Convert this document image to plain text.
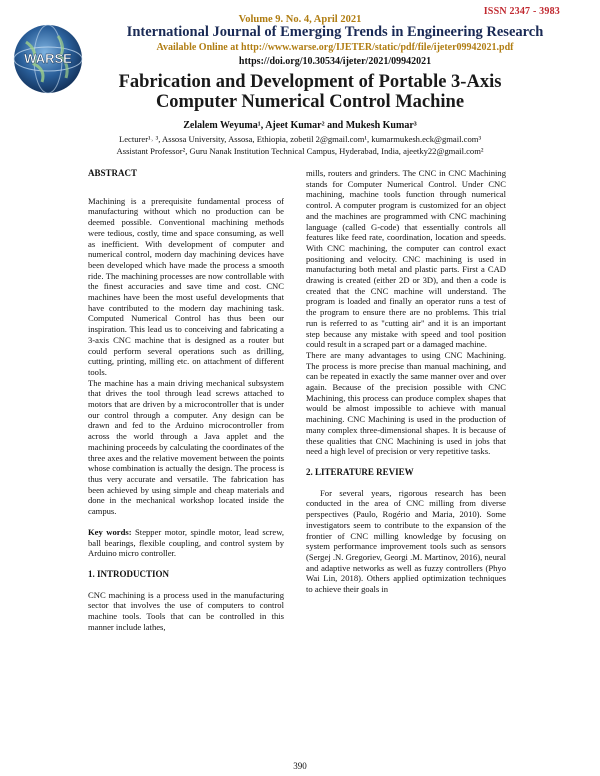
ISSN 2347 - 3983
WARSE
Volume 9. No. 4, April 2021
International Journal of Emerging Trends in Engineering Research
Available Online at http://www.warse.org/IJETER/static/pdf/file/ijeter09942021.pdf
https://doi.org/10.30534/ijeter/2021/09942021
Fabrication and Development of Portable 3-Axis
Computer Numerical Control Machine
Zelalem Weyuma¹, Ajeet Kumar² and Mukesh Kumar³
Lecturer¹˒ ³, Assosa University, Assosa, Ethiopia, zobetil 2@gmail.com¹, kumarmukesh.eck@gmail.com³
Assistant Professor², Guru Nanak Institution Technical Campus, Hyderabad, India, ajeetky22@gmail.com²

ABSTRACT

Machining is a prerequisite fundamental process of manufacturing without which no production can be deemed possible. Conventional machining methods were tedious, costly, time and space consuming, as well as inefficient. With development of computer and numerical control, modern day machining devices have been developed which have made the process a smooth ride. The machining processes are now controllable with the finest accuracies and save time and cost. CNC machines have been the most useful developments that have contributed to the modern day machining task. Computed Numerical Control has thus been our inspiration. This lead us to conceiving and fabricating a 3-axis CNC machine that is designed as a router but could perform several operations such as drilling, cutting, printing, milling etc. on attachment of different tools.

The machine has a main driving mechanical subsystem that drives the tool through lead screws attached to motors that are driven by a microcontroller that is under our control through a computer. Any design can be drawn and fed to the Arduino microcontroller from across the world through a Java applet and the machining proceeds by calculating the coordinates of the three axes and the relative movement between the points whose combination is actually the design. The process is thus very accurate and versatile. The fabrication has been achieved by using simple and cheap materials and done in the mechanical workshop located inside the campus.

Key words: Stepper motor, spindle motor, lead screw, ball bearings, flexible coupling, and control system by Arduino micro controller.

1. INTRODUCTION

CNC machining is a process used in the manufacturing sector that involves the use of computers to control machine tools. Tools that can be controlled in this manner include lathes,

mills, routers and grinders. The CNC in CNC Machining stands for Computer Numerical Control. Under CNC machining, machine tools function through numerical control. A computer program is customized for an object and the machines are programmed with CNC machining language (called G-code) that essentially controls all features like feed rate, coordination, location and speeds. With CNC machining, the computer can control exact positioning and velocity. CNC machining is used in manufacturing both metal and plastic parts. First a CAD drawing is created (either 2D or 3D), and then a code is created that the CNC machine will understand. The program is loaded and finally an operator runs a test of the program to ensure there are no problems. This trial run is referred to as "cutting air" and it is an important step because any mistake with speed and tool position could result in a scraped part or a damaged machine.

There are many advantages to using CNC Machining. The process is more precise than manual machining, and can be repeated in exactly the same manner over and over again. Because of the precision possible with CNC Machining, this process can produce complex shapes that would be almost impossible to achieve with manual machining. CNC Machining is used in the production of many complex three-dimensional shapes. It is because of these qualities that CNC Machining is used in jobs that need a high level of precision or very repetitive tasks.

2. LITERATURE REVIEW

For several years, rigorous research has been conducted in the area of CNC milling from diverse perspectives (Paulo, Rogério and Maria, 2010). Some investigators seem to contribute to the expansion of the frontier of CNC milling knowledge by focusing on system performance improvement tools such as sensors (Sergej .N. Gregoriev, Georgi .M. Martinov, 2016), neural and adaptive networks as well as fuzzy controllers (Phyo Wai Lin, 2018). Others applied optimization techniques to achieve their goals in

390
